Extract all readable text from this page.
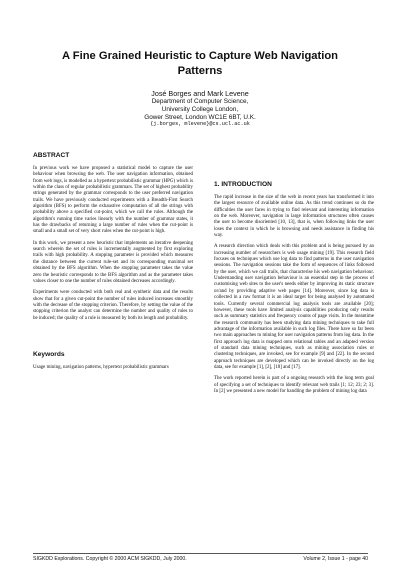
A Fine Grained Heuristic to Capture Web Navigation
Patterns
José Borges and Mark Levene
Department of Computer Science,
University College London,
Gower Street, London WC1E 6BT, U.K.
{j.borges, mlevene}@cs.ucl.ac.uk
ABSTRACT

In previous work we have proposed a statistical model to capture the user behaviour when browsing the web. The user navigation information, obtained from web logs, is modelled as a hypertext probabilistic grammar (HPG) which is within the class of regular probabilistic grammars. The set of highest probability strings generated by the grammar corresponds to the user preferred navigation trails. We have previously conducted experiments with a Breadth-First Search algorithm (BFS) to perform the exhaustive computation of all the strings with probability above a specified cut-point, which we call the rules. Although the algorithm's running time varies linearly with the number of grammar states, it has the drawbacks of returning a large number of rules when the cut-point is small and a small set of very short rules when the cut-point is high.

In this work, we present a new heuristic that implements an iterative deepening search wherein the set of rules is incrementally augmented by first exploring trails with high probability. A stopping parameter is provided which measures the distance between the current rule-set and its corresponding maximal set obtained by the BFS algorithm. When the stopping parameter takes the value zero the heuristic corresponds to the BFS algorithm and as the parameter takes values closer to one the number of rules obtained decreases accordingly.

Experiments were conducted with both real and synthetic data and the results show that for a given cut-point the number of rules induced increases smoothly with the decrease of the stopping criterion. Therefore, by setting the value of the stopping criterion the analyst can determine the number and quality of rules to be induced; the quality of a rule is measured by both its length and probability.

Keywords

Usage mining, navigation patterns, hypertext probabilistic grammars

1. INTRODUCTION

The rapid increase in the size of the web in recent years has transformed it into the largest resource of available online data. As this trend continues so do the difficulties the user faces in trying to find relevant and interesting information on the web. Moreover, navigation in large information structures often causes the user to become disoriented [10, 13], that is, when following links the user loses the context in which he is browsing and needs assistance in finding his way.

A research direction which deals with this problem and is being pursued by an increasing number of researchers is web usage mining [19]. This research field focuses on techniques which use log data to find patterns in the user navigation sessions. The navigation sessions take the form of sequences of links followed by the user, which we call trails, that characterise his web navigation behaviour. Understanding user navigation behaviour is an essential step in the process of customising web sites to the user's needs either by improving its static structure or/and by providing adaptive web pages [14]. Moreover, since log data is collected in a raw format it is an ideal target for being analysed by automated tools. Currently several commercial log analysis tools are available [20]; however, these tools have limited analysis capabilities producing only results such as summary statistics and frequency counts of page visits. In the meantime the research community has been studying data mining techniques to take full advantage of the information available in such log files. There have so far been two main approaches to mining for user navigation patterns from log data. In the first approach log data is mapped onto relational tables and an adapted version of standard data mining techniques, such as mining association rules or clustering techniques, are invoked, see for example [9] and [22]. In the second approach techniques are developed which can be invoked directly on the log data, see for example [1], [2], [18] and [17].

The work reported herein is part of a ongoing research with the long term goal of specifying a set of techniques to identify relevant web trails [1; 12; 23; 2; 3]. In [2] we presented a new model for handling the problem of mining log data

SIGKDD Explorations. Copyright © 2000 ACM SIGKDD, July 2000.	Volume 2, Issue 1 - page 40
